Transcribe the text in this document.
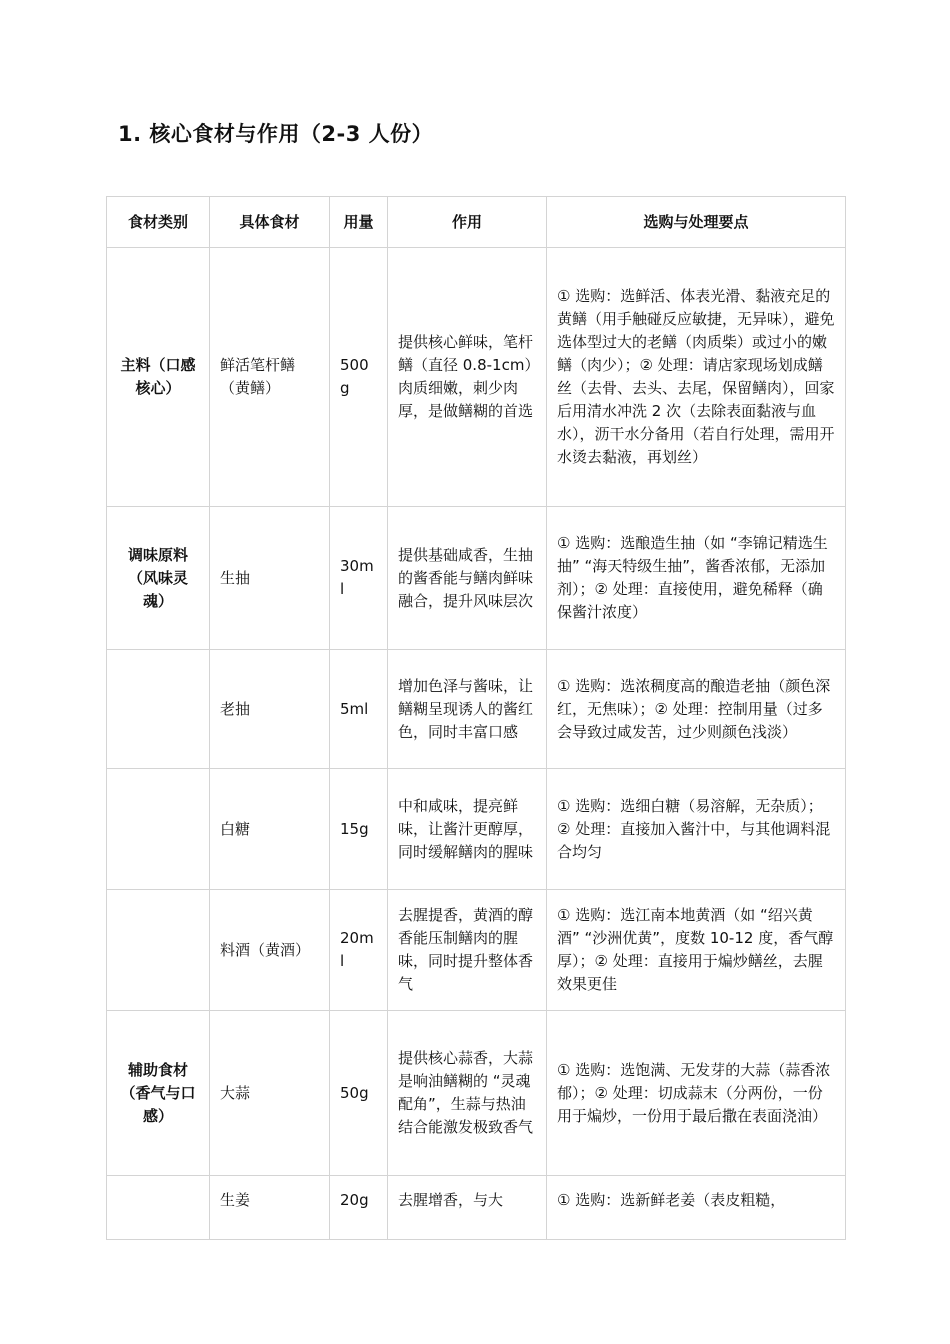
1. 核心食材与作用（2-3 人份）
食材类别	具体食材	用量	作用	选购与处理要点
主料（口感核心）	鲜活笔杆鳝（黄鳝）	500g	提供核心鲜味，笔杆鳝（直径 0.8-1cm）肉质细嫩，刺少肉厚，是做鳝糊的首选	① 选购：选鲜活、体表光滑、黏液充足的黄鳝（用手触碰反应敏捷，无异味），避免选体型过大的老鳝（肉质柴）或过小的嫩鳝（肉少）；② 处理：请店家现场划成鳝丝（去骨、去头、去尾，保留鳝肉），回家后用清水冲洗 2 次（去除表面黏液与血水），沥干水分备用（若自行处理，需用开水烫去黏液，再划丝）
调味原料（风味灵魂）	生抽	30ml	提供基础咸香，生抽的酱香能与鳝肉鲜味融合，提升风味层次	① 选购：选酿造生抽（如 “李锦记精选生抽” “海天特级生抽”，酱香浓郁，无添加剂）；② 处理：直接使用，避免稀释（确保酱汁浓度）
	老抽	5ml	增加色泽与酱味，让鳝糊呈现诱人的酱红色，同时丰富口感	① 选购：选浓稠度高的酿造老抽（颜色深红，无焦味）；② 处理：控制用量（过多会导致过咸发苦，过少则颜色浅淡）
	白糖	15g	中和咸味，提亮鲜味，让酱汁更醇厚，同时缓解鳝肉的腥味	① 选购：选细白糖（易溶解，无杂质）；② 处理：直接加入酱汁中，与其他调料混合均匀
	料酒（黄酒）	20ml	去腥提香，黄酒的醇香能压制鳝肉的腥味，同时提升整体香气	① 选购：选江南本地黄酒（如 “绍兴黄酒” “沙洲优黄”，度数 10-12 度，香气醇厚）；② 处理：直接用于煸炒鳝丝，去腥效果更佳
辅助食材（香气与口感）	大蒜	50g	提供核心蒜香，大蒜是响油鳝糊的 “灵魂配角”，生蒜与热油结合能激发极致香气	① 选购：选饱满、无发芽的大蒜（蒜香浓郁）；② 处理：切成蒜末（分两份，一份用于煸炒，一份用于最后撒在表面浇油）
	生姜	20g	去腥增香，与大	① 选购：选新鲜老姜（表皮粗糙，
